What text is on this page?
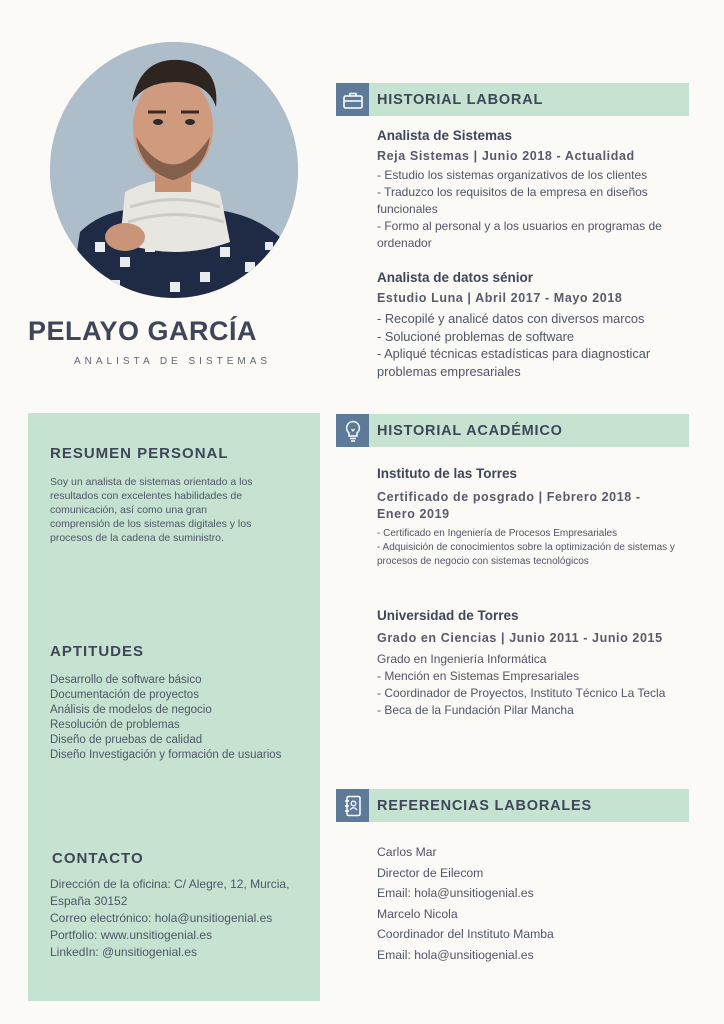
PELAYO GARCÍA
ANALISTA DE SISTEMAS
RESUMEN PERSONAL
Soy un analista de sistemas orientado a los resultados con excelentes habilidades de comunicación, así como una gran comprensión de los sistemas digitales y los procesos de la cadena de suministro.
APTITUDES
Desarrollo de software básico
Documentación de proyectos
Análisis de modelos de negocio
Resolución de problemas
Diseño de pruebas de calidad
Diseño Investigación y formación de usuarios
CONTACTO
Dirección de la oficina: C/ Alegre, 12, Murcia, España 30152
Correo electrónico: hola@unsitiogenial.es
Portfolio: www.unsitiogenial.es
LinkedIn: @unsitiogenial.es
HISTORIAL LABORAL
Analista de Sistemas
Reja Sistemas | Junio 2018 - Actualidad
- Estudio los sistemas organizativos de los clientes
- Traduzco los requisitos de la empresa en diseños funcionales
- Formo al personal y a los usuarios en programas de ordenador
Analista de datos sénior
Estudio Luna | Abril 2017 - Mayo 2018
- Recopilé y analicé datos con diversos marcos
- Solucioné problemas de software
- Apliqué técnicas estadísticas para diagnosticar problemas empresariales
HISTORIAL ACADÉMICO
Instituto de las Torres
Certificado de posgrado | Febrero 2018 - Enero 2019
- Certificado en Ingeniería de Procesos Empresariales
- Adquisición de conocimientos sobre la optimización de sistemas y procesos de negocio con sistemas tecnológicos
Universidad de Torres
Grado en Ciencias | Junio 2011 - Junio 2015
Grado en Ingeniería Informática
- Mención en Sistemas Empresariales
- Coordinador de Proyectos, Instituto Técnico La Tecla
- Beca de la Fundación Pilar Mancha
REFERENCIAS LABORALES
Carlos Mar
Director de Eilecom
Email: hola@unsitiogenial.es
Marcelo Nicola
Coordinador del Instituto Mamba
Email: hola@unsitiogenial.es
